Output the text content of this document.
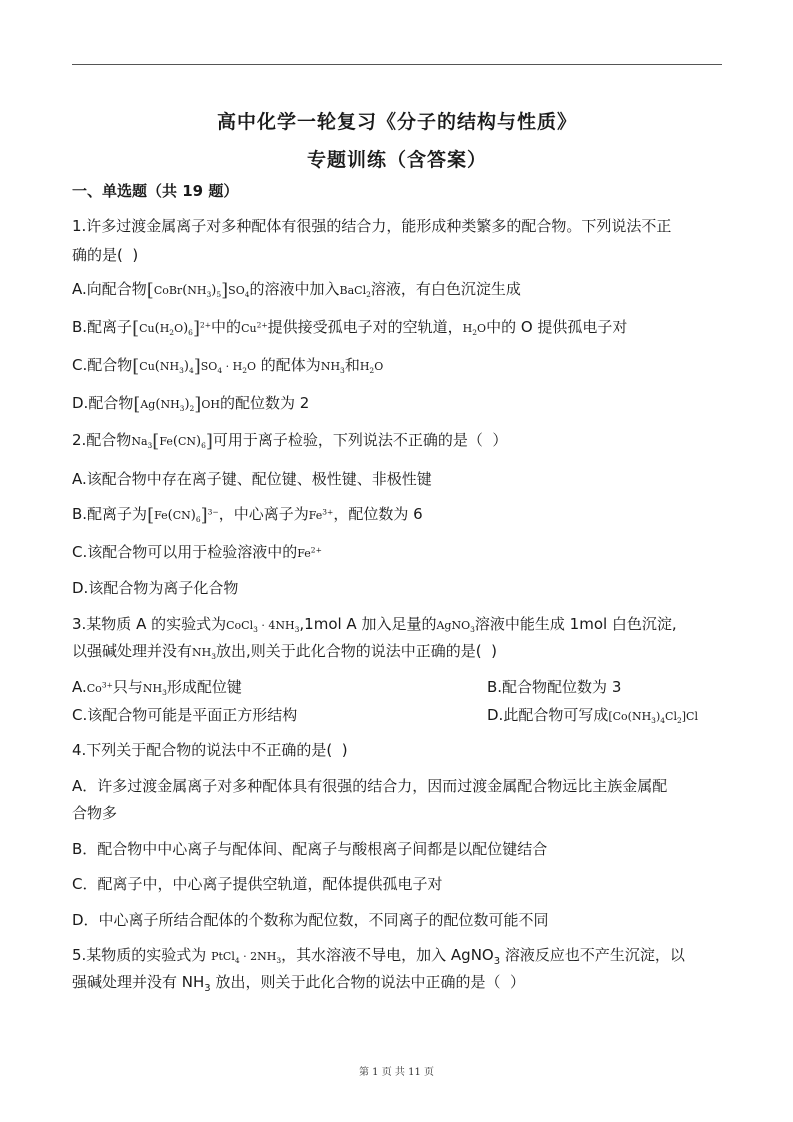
高中化学一轮复习《分子的结构与性质》
专题训练（含答案）
一、单选题（共 19 题）
1.许多过渡金属离子对多种配体有很强的结合力，能形成种类繁多的配合物。下列说法不正
确的是(  )
A.向配合物$[CoBr(NH_3)_5]SO_4$的溶液中加入BaCl$_2$溶液，有白色沉淀生成
B.配离子$[Cu(H_2O)_6]^{2+}$中的$Cu^{2+}$提供接受孤电子对的空轨道，$H_2O$中的 O 提供孤电子对
C.配合物$[Cu(NH_3)_4]SO_4 \cdot H_2O$ 的配体为$NH_3$和$H_2O$
D.配合物$[Ag(NH_3)_2]OH$的配位数为 2
2.配合物$Na_3[Fe(CN)_6]$可用于离子检验，下列说法不正确的是（  ）
A.该配合物中存在离子键、配位键、极性键、非极性键
B.配离子为$[Fe(CN)_6]^{3-}$，中心离子为$Fe^{3+}$，配位数为 6
C.该配合物可以用于检验溶液中的$Fe^{2+}$
D.该配合物为离子化合物
3.某物质 A 的实验式为CoCl$_3$ · $4NH_3,1mol$ A 加入足量的AgNO$_3$溶液中能生成 1mol 白色沉淀,
以强碱处理并没有$NH_3$放出,则关于此化合物的说法中正确的是(  )
$A.Co^{3+}$只与$NH_3$形成配位键	B.配合物配位数为 3
C.该配合物可能是平面正方形结构	D.此配合物可写成$[Co(NH_3)_4Cl_2]Cl$
4.下列关于配合物的说法中不正确的是(  )
A．许多过渡金属离子对多种配体具有很强的结合力，因而过渡金属配合物远比主族金属配
合物多
B．配合物中中心离子与配体间、配离子与酸根离子间都是以配位键结合
C．配离子中，中心离子提供空轨道，配体提供孤电子对
D．中心离子所结合配体的个数称为配位数，不同离子的配位数可能不同
5.某物质的实验式为 PtCl$_4$ · $2NH_3$，其水溶液不导电，加入 AgNO$_3$ 溶液反应也不产生沉淀，以
强碱处理并没有 $NH_3$ 放出，则关于此化合物的说法中正确的是（  ）
第 1 页 共 11 页
